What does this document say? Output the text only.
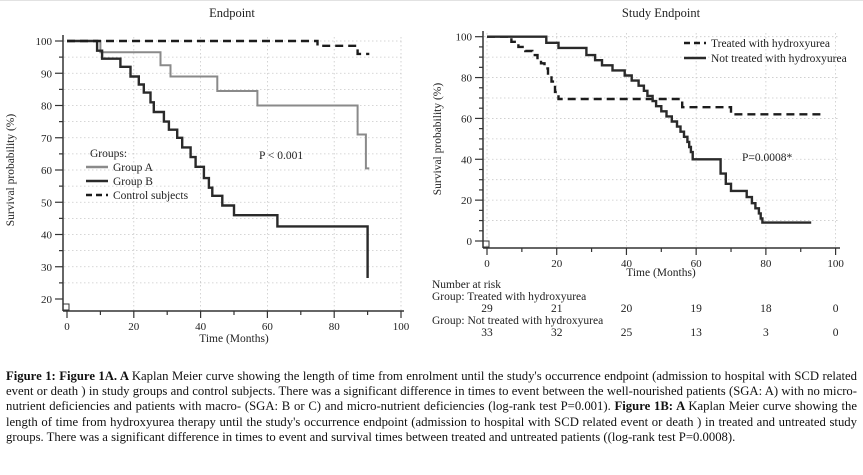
20
30
40
50
60
70
80
90
100
0	20	40	60	80	100
Endpoint
Time (Months)
Survival probability (%)	Groups:
Group A
Group B
Control subjects
P < 0.001
0
20
40
60
80
100
0	20	40	60	80	100
Study Endpoint
Time (Months)
Survival probability (%)
Treated with hydroxyurea
Not treated with hydroxyurea
P=0.0008*
Number at risk
Group: Treated with hydroxyurea
29	21	20	19	18	0
Group: Not treated with hydroxyurea
33	32	25	13	3	0
Figure 1: Figure 1A. A Kaplan Meier curve showing the length of time from enrolment until the study's occurrence endpoint (admission to hospital with SCD related event or death ) in study groups and control subjects. There was a significant difference in times to event between the well-nourished patients (SGA: A) with no micro-nutrient deficiencies and patients with macro- (SGA: B or C) and micro-nutrient deficiencies (log-rank test P=0.001). Figure 1B: A Kaplan Meier curve showing the length of time from hydroxyurea therapy until the study's occurrence endpoint (admission to hospital with SCD related event or death ) in treated and untreated study groups. There was a significant difference in times to event and survival times between treated and untreated patients ((log-rank test P=0.0008).
